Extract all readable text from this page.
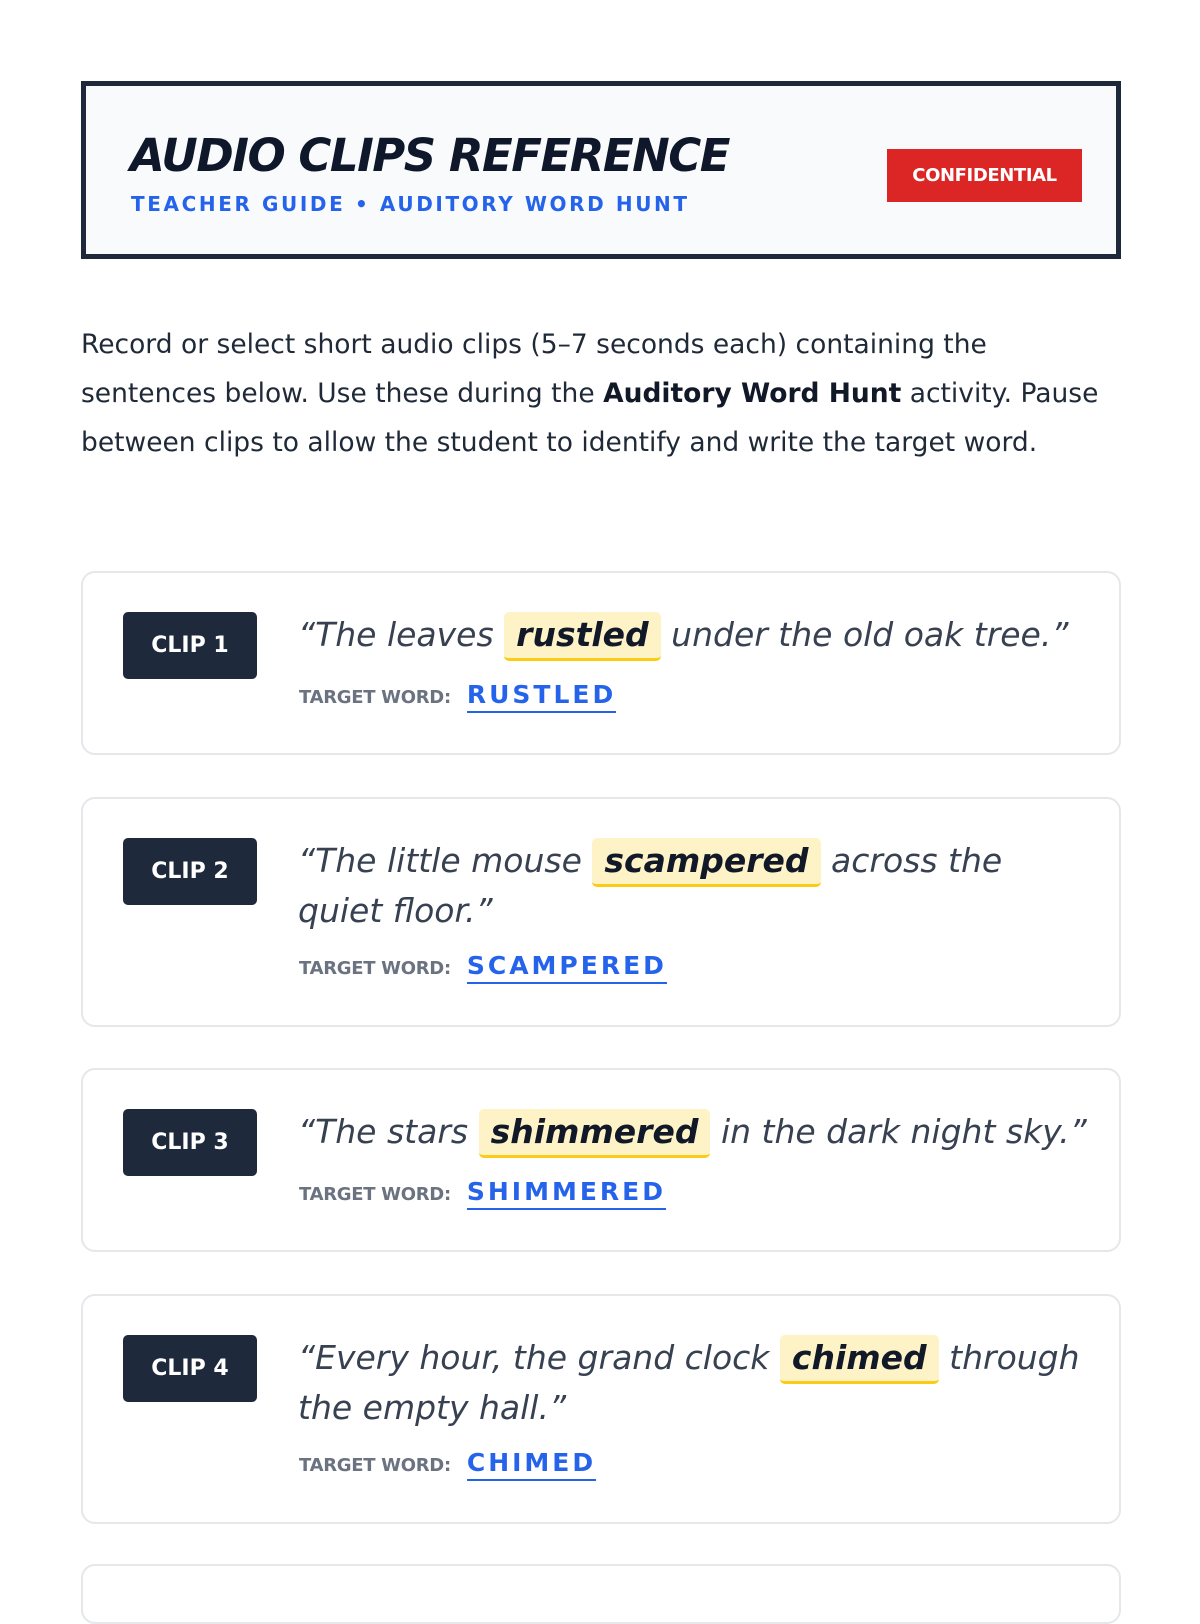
AUDIO CLIPS REFERENCE
TEACHER GUIDE • AUDITORY WORD HUNT
CONFIDENTIAL

Record or select short audio clips (5–7 seconds each) containing the sentences below. Use these during the Auditory Word Hunt activity. Pause between clips to allow the student to identify and write the target word.

CLIP 1	“The leaves rustled under the old oak tree.”
TARGET WORD: RUSTLED
CLIP 2	“The little mouse scampered across the quiet floor.”
TARGET WORD: SCAMPERED
CLIP 3	“The stars shimmered in the dark night sky.”
TARGET WORD: SHIMMERED
CLIP 4	“Every hour, the grand clock chimed through the empty hall.”
TARGET WORD: CHIMED
